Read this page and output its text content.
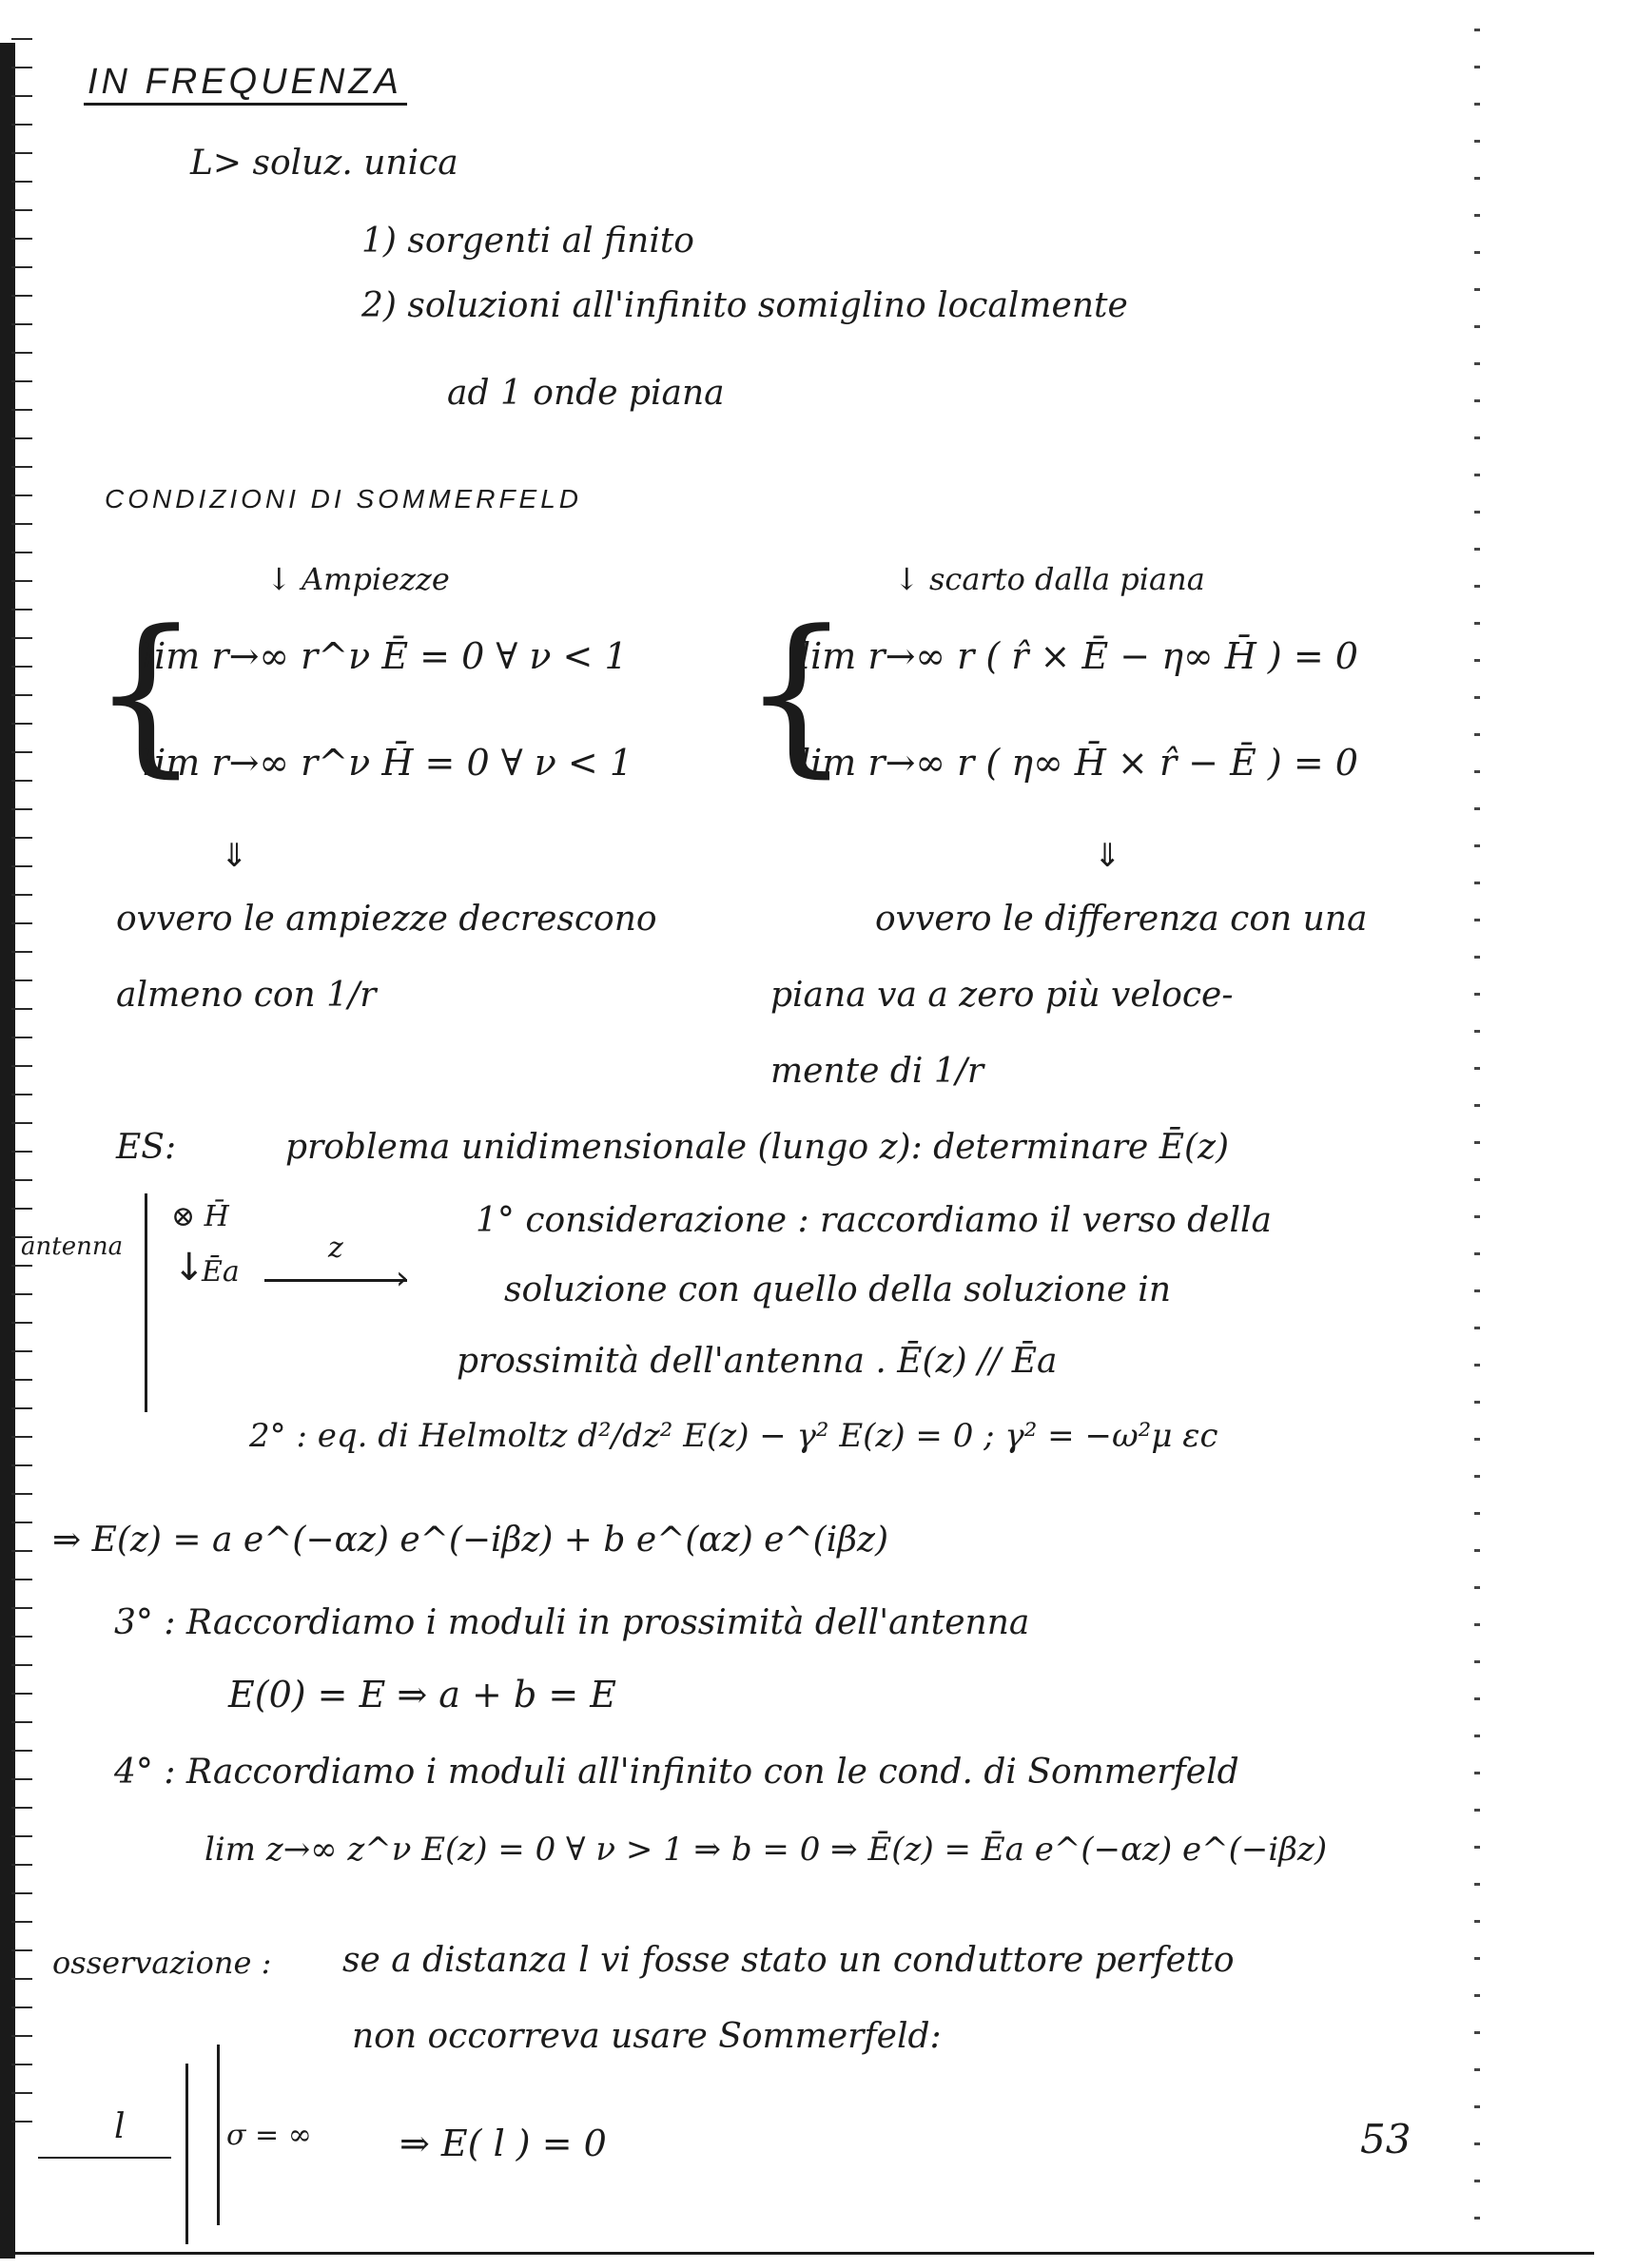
IN FREQUENZA
L> soluz. unica
1) sorgenti al finito
2) soluzioni all'infinito somiglino localmente
ad 1 onde piana
CONDIZIONI DI SOMMERFELD
↓ Ampiezze	↓ scarto dalla piana
{
lim r→∞ r^ν Ē = 0 ∀ ν < 1
lim r→∞ r^ν H̄ = 0 ∀ ν < 1 {
lim r→∞ r ( r̂ × Ē − η∞ H̄ ) = 0
lim r→∞ r ( η∞ H̄ × r̂ − Ē ) = 0
⇓	⇓
ovvero le ampiezze decrescono
almeno con 1/r
ovvero le differenza con una
piana va a zero più veloce-
mente di 1/r
ES:	problema unidimensionale (lungo z): determinare Ē(z)
antenna
⊗ H̄
↓
Ēa	›
z
1° considerazione : raccordiamo il verso della
soluzione con quello della soluzione in
prossimità dell'antenna . Ē(z) // Ēa
2° : eq. di Helmoltz d²/dz² E(z) − γ² E(z) = 0 ; γ² = −ω²μ εc
⇒ E(z) = a e^(−αz) e^(−iβz) + b e^(αz) e^(iβz)
3° : Raccordiamo i moduli in prossimità dell'antenna
E(0) = E ⇒ a + b = E
4° : Raccordiamo i moduli all'infinito con le cond. di Sommerfeld
lim z→∞ z^ν E(z) = 0 ∀ ν > 1 ⇒ b = 0 ⇒ Ē(z) = Ēa e^(−αz) e^(−iβz)
osservazione : se a distanza l vi fosse stato un conduttore perfetto
non occorreva usare Sommerfeld:
l	σ = ∞ ⇒ E( l ) = 0	53
